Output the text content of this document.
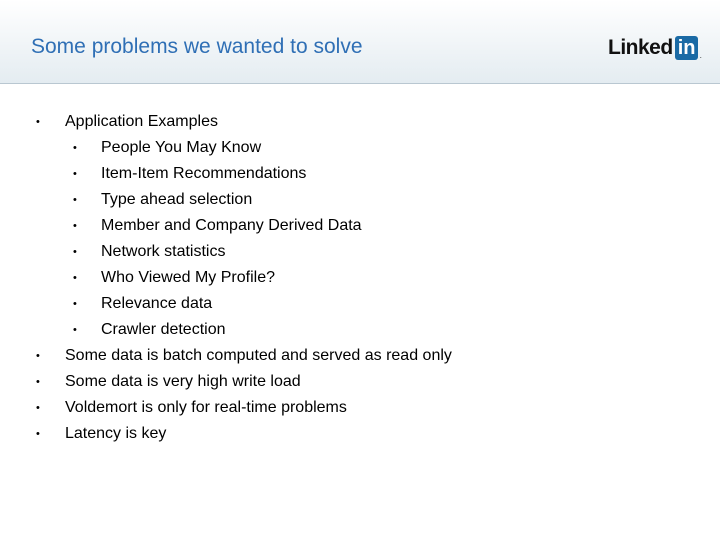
Some problems we wanted to solve	Linked in .
• Application Examples
• People You May Know
• Item-Item Recommendations
• Type ahead selection
• Member and Company Derived Data
• Network statistics
• Who Viewed My Profile?
• Relevance data
• Crawler detection
• Some data is batch computed and served as read only
• Some data is very high write load
• Voldemort is only for real-time problems
• Latency is key
